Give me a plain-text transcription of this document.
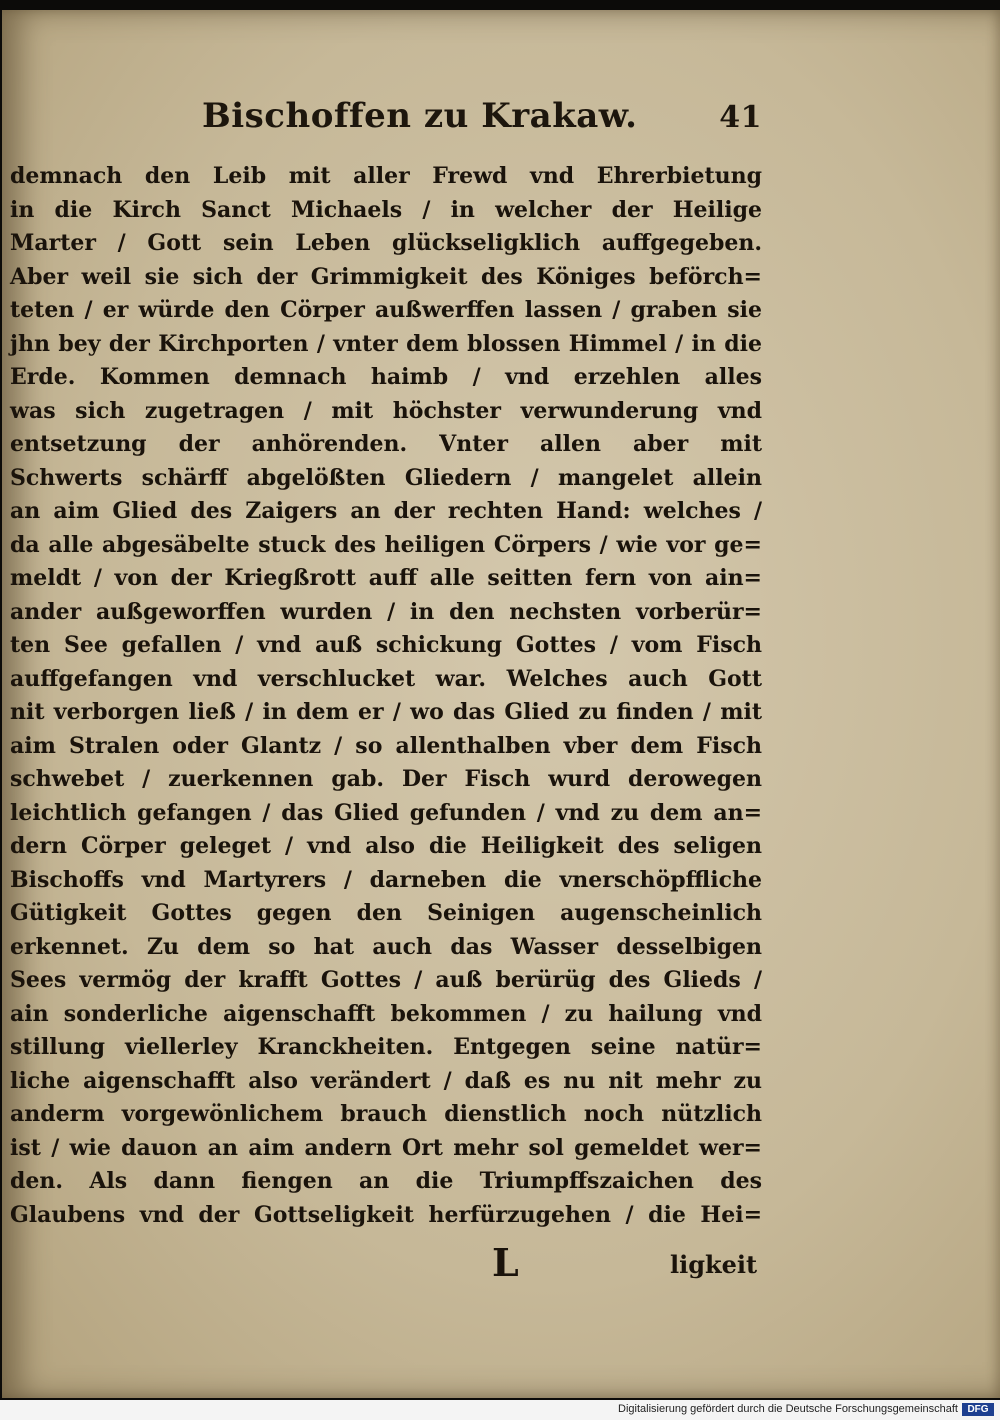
Bischoffen zu Krakaw.	41
demnach den Leib mit aller Frewd vnd Ehrerbietung
in die Kirch Sanct Michaels / in welcher der Heilige
Marter / Gott sein Leben glückseligklich auffgegeben.
Aber weil sie sich der Grimmigkeit des Königes beförch=
teten / er würde den Cörper außwerffen lassen / graben sie
jhn bey der Kirchporten / vnter dem blossen Himmel / in die
Erde. Kommen demnach haimb / vnd erzehlen alles
was sich zugetragen / mit höchster verwunderung vnd
entsetzung der anhörenden. Vnter allen aber mit
Schwerts schärff abgelößten Gliedern / mangelet allein
an aim Glied des Zaigers an der rechten Hand: welches /
da alle abgesäbelte stuck des heiligen Cörpers / wie vor ge=
meldt / von der Kriegßrott auff alle seitten fern von ain=
ander außgeworffen wurden / in den nechsten vorberür=
ten See gefallen / vnd auß schickung Gottes / vom Fisch
auffgefangen vnd verschlucket war. Welches auch Gott
nit verborgen ließ / in dem er / wo das Glied zu finden / mit
aim Stralen oder Glantz / so allenthalben vber dem Fisch
schwebet / zuerkennen gab. Der Fisch wurd derowegen
leichtlich gefangen / das Glied gefunden / vnd zu dem an=
dern Cörper geleget / vnd also die Heiligkeit des seligen
Bischoffs vnd Martyrers / darneben die vnerschöpffliche
Gütigkeit Gottes gegen den Seinigen augenscheinlich
erkennet. Zu dem so hat auch das Wasser desselbigen
Sees vermög der krafft Gottes / auß berürüg des Glieds /
ain sonderliche aigenschafft bekommen / zu hailung vnd
stillung viellerley Kranckheiten. Entgegen seine natür=
liche aigenschafft also verändert / daß es nu nit mehr zu
anderm vorgewönlichem brauch dienstlich noch nützlich
ist / wie dauon an aim andern Ort mehr sol gemeldet wer=
den. Als dann fiengen an die Triumpffszaichen des
Glaubens vnd der Gottseligkeit herfürzugehen / die Hei=
L	ligkeit
Digitalisierung gefördert durch die Deutsche Forschungsgemeinschaft DFG
